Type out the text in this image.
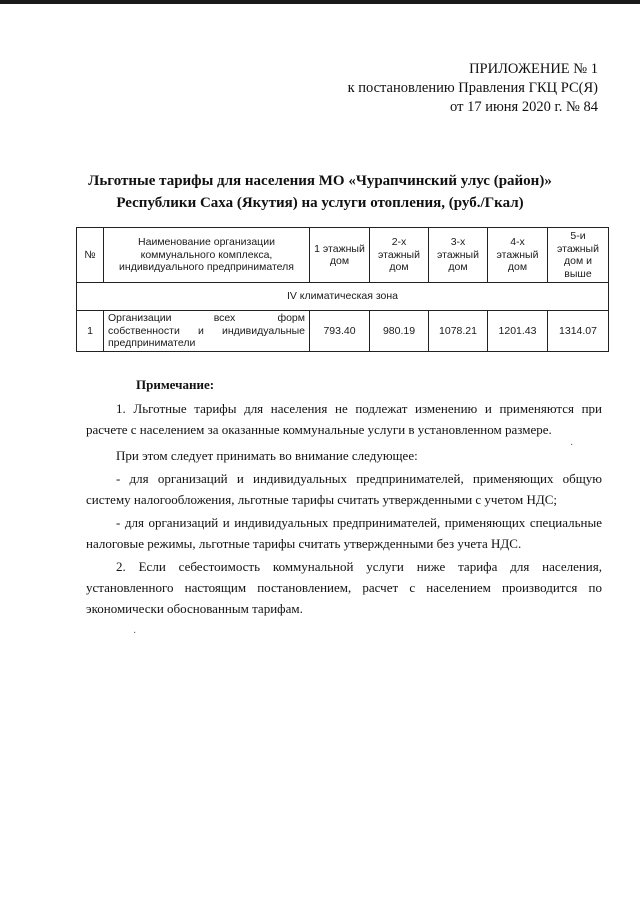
ПРИЛОЖЕНИЕ № 1
к постановлению Правления ГКЦ РС(Я)
от 17 июня 2020 г. № 84
Льготные тарифы для населения МО «Чурапчинский улус (район)»
Республики Саха (Якутия) на услуги отопления, (руб./Гкал)
№	Наименование организации коммунального комплекса, индивидуального предпринимателя	1 этажный дом	2-х этажный дом	3-х этажный дом	4-х этажный дом	5-и этажный дом и выше
IV климатическая зона						
1	Организации всех форм
собственности и индивидуальные
предприниматели	793.40	980.19	1078.21	1201.43	1314.07

Примечание:

1. Льготные тарифы для населения не подлежат изменению и применяются при расчете с населением за оказанные коммунальные услуги в установленном размере.

При этом следует принимать во внимание следующее:

- для организаций и индивидуальных предпринимателей, применяющих общую систему налогообложения, льготные тарифы считать утвержденными с учетом НДС;

- для организаций и индивидуальных предпринимателей, применяющих специальные налоговые режимы, льготные тарифы считать утвержденными без учета НДС.

2. Если себестоимость коммунальной услуги ниже тарифа для населения, установленного настоящим постановлением, расчет с населением производится по экономически обоснованным тарифам.

·
·
